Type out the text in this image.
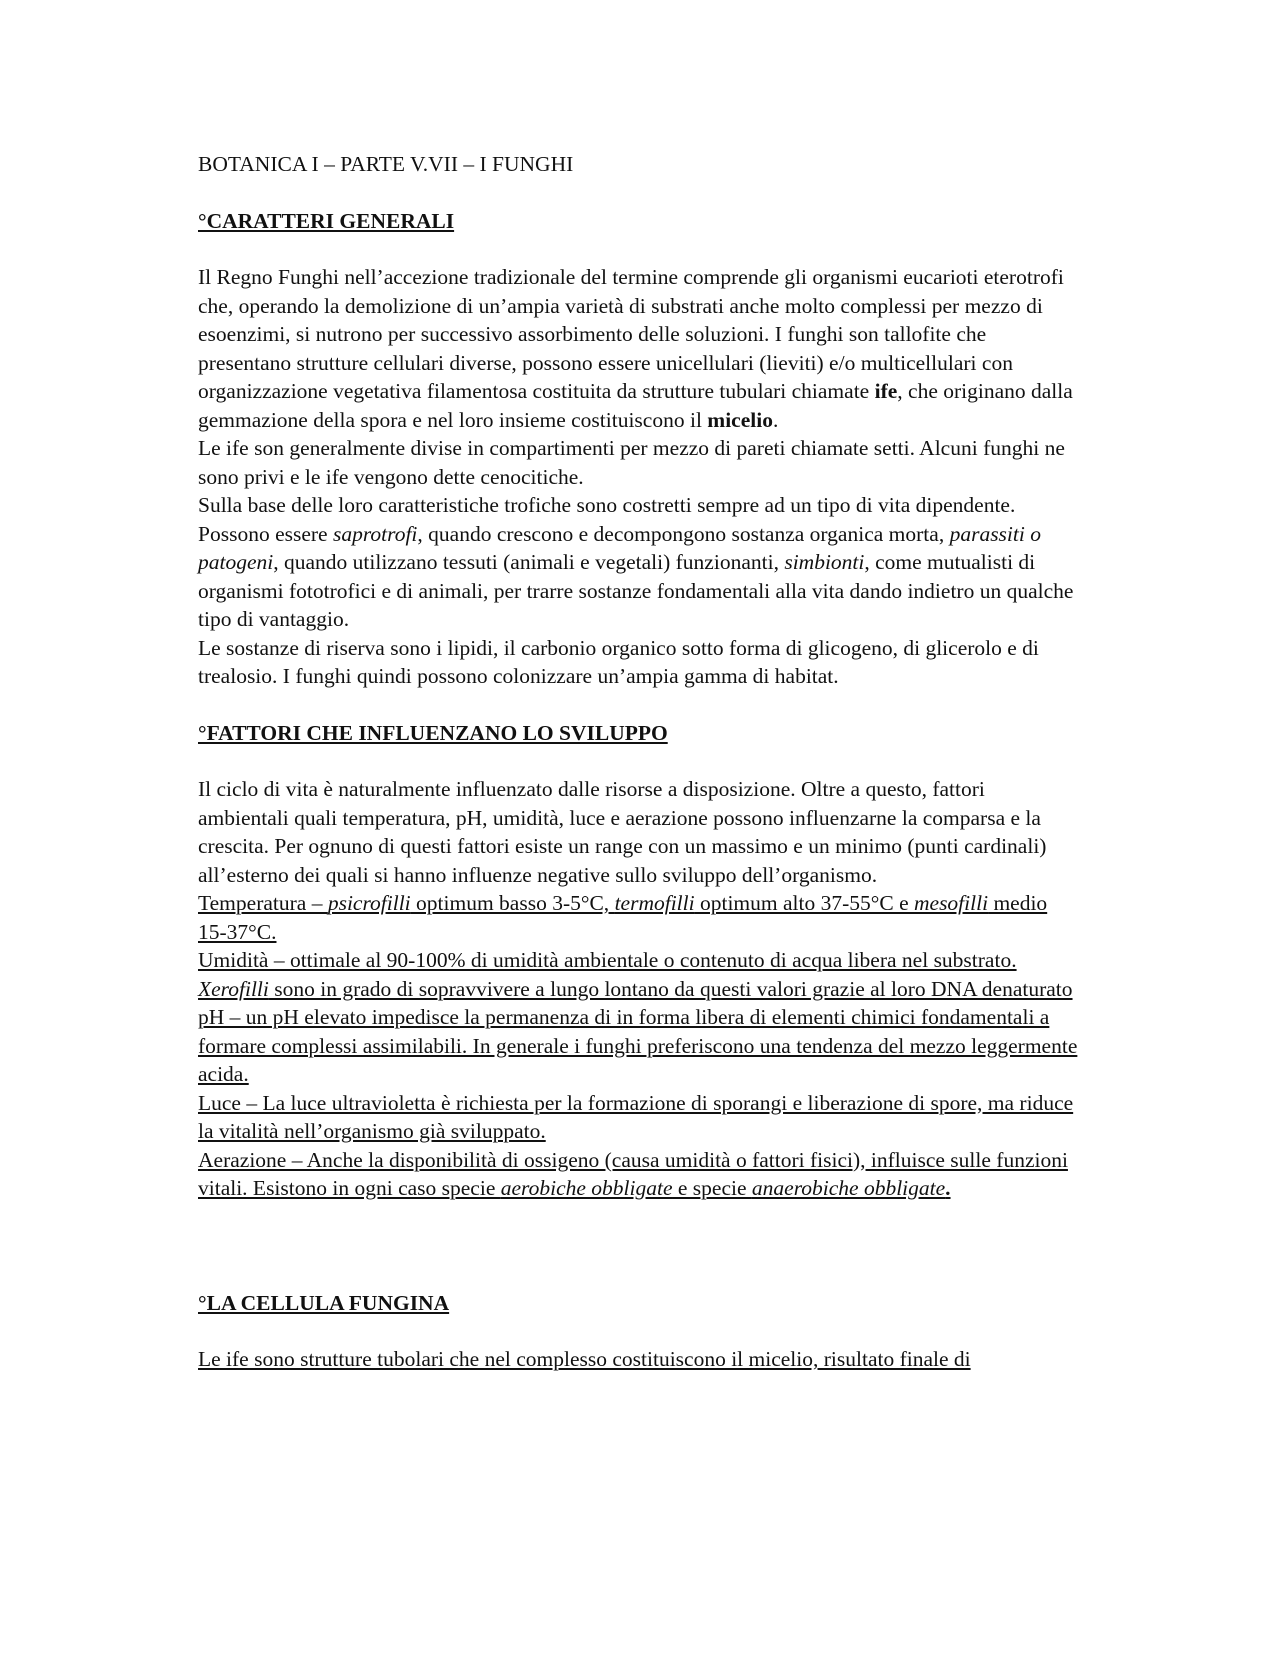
BOTANICA I – PARTE V.VII – I FUNGHI

°CARATTERI GENERALI

Il Regno Funghi nell’accezione tradizionale del termine comprende gli organismi eucarioti eterotrofi che, operando la demolizione di un’ampia varietà di substrati anche molto complessi per mezzo di esoenzimi, si nutrono per successivo assorbimento delle soluzioni. I funghi son tallofite che presentano strutture cellulari diverse, possono essere unicellulari (lieviti) e/o multicellulari con organizzazione vegetativa filamentosa costituita da strutture tubulari chiamate ife, che originano dalla gemmazione della spora e nel loro insieme costituiscono il micelio.

Le ife son generalmente divise in compartimenti per mezzo di pareti chiamate setti. Alcuni funghi ne sono privi e le ife vengono dette cenocitiche.

Sulla base delle loro caratteristiche trofiche sono costretti sempre ad un tipo di vita dipendente. Possono essere saprotrofi, quando crescono e decompongono sostanza organica morta, parassiti o patogeni, quando utilizzano tessuti (animali e vegetali) funzionanti, simbionti, come mutualisti di organismi fototrofici e di animali, per trarre sostanze fondamentali alla vita dando indietro un qualche tipo di vantaggio.

Le sostanze di riserva sono i lipidi, il carbonio organico sotto forma di glicogeno, di glicerolo e di trealosio. I funghi quindi possono colonizzare un’ampia gamma di habitat.

°FATTORI CHE INFLUENZANO LO SVILUPPO

Il ciclo di vita è naturalmente influenzato dalle risorse a disposizione. Oltre a questo, fattori ambientali quali temperatura, pH, umidità, luce e aerazione possono influenzarne la comparsa e la crescita. Per ognuno di questi fattori esiste un range con un massimo e un minimo (punti cardinali) all’esterno dei quali si hanno influenze negative sullo sviluppo dell’organismo.

Temperatura – psicrofilli optimum basso 3-5°C, termofilli optimum alto 37-55°C e mesofilli medio 15-37°C.

Umidità – ottimale al 90-100% di umidità ambientale o contenuto di acqua libera nel substrato. Xerofilli sono in grado di sopravvivere a lungo lontano da questi valori grazie al loro DNA denaturato

pH – un pH elevato impedisce la permanenza di in forma libera di elementi chimici fondamentali a formare complessi assimilabili. In generale i funghi preferiscono una tendenza del mezzo leggermente acida.

Luce – La luce ultravioletta è richiesta per la formazione di sporangi e liberazione di spore, ma riduce la vitalità nell’organismo già sviluppato.

Aerazione – Anche la disponibilità di ossigeno (causa umidità o fattori fisici), influisce sulle funzioni vitali. Esistono in ogni caso specie aerobiche obbligate e specie anaerobiche obbligate.

°LA CELLULA FUNGINA

Le ife sono strutture tubolari che nel complesso costituiscono il micelio, risultato finale di
